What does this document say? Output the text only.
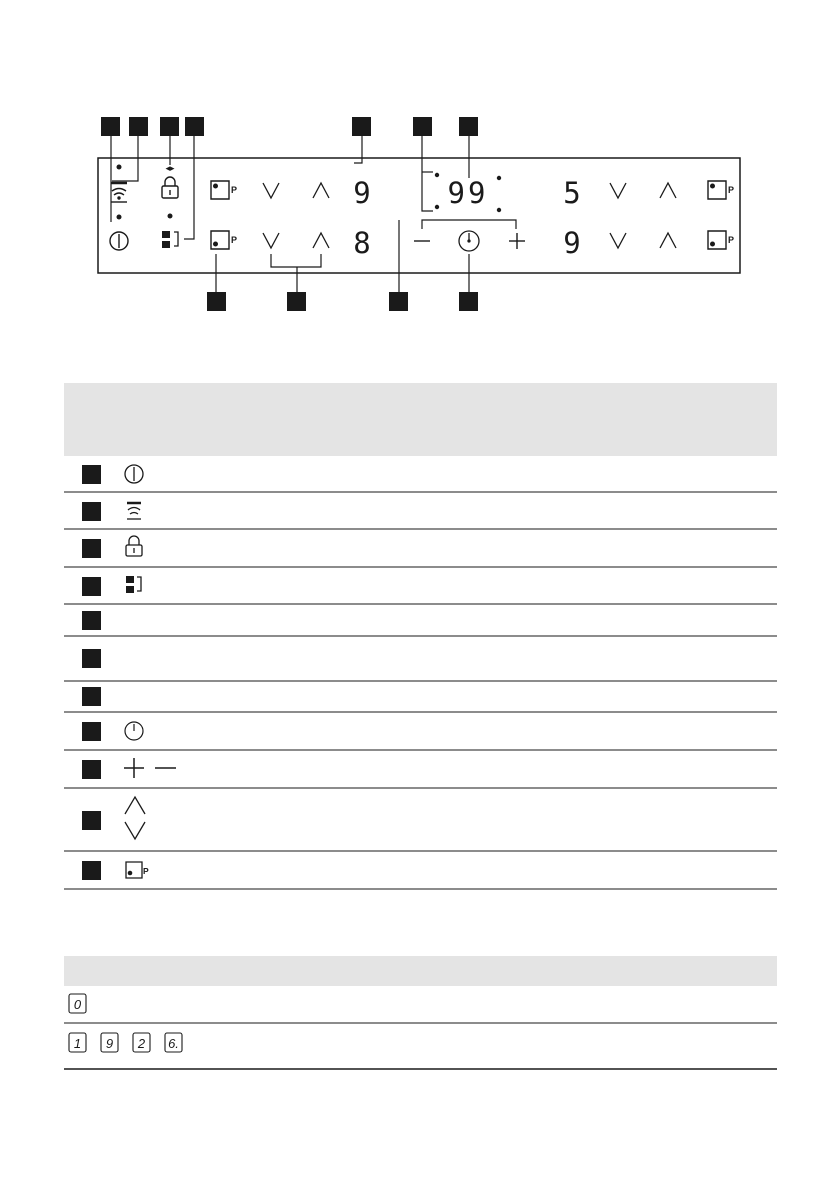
◂▸
P
P
9
8
99	5
9
P
P
P
0
1 9 2 6.
